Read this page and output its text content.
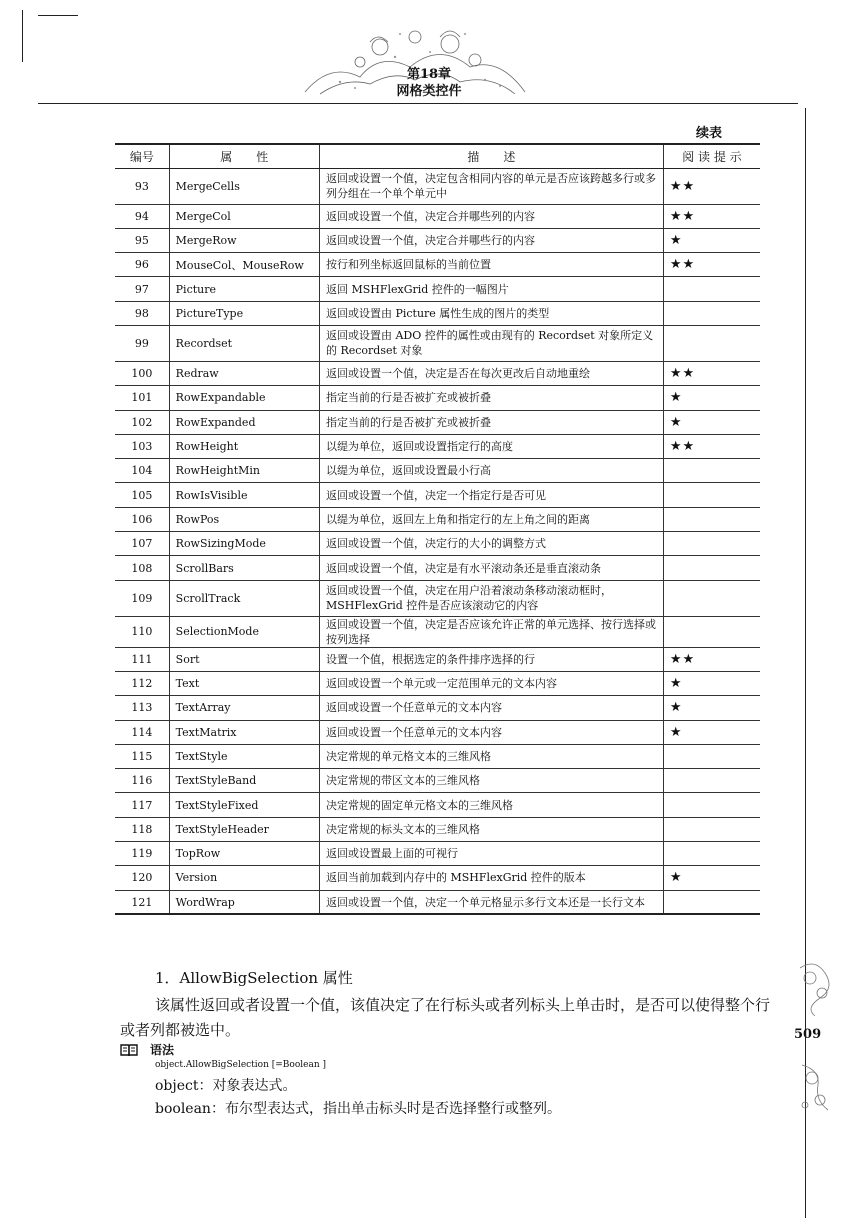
第18章
网格类控件
续表
编号	属　　性	描　　述	阅 读 提 示
93	MergeCells	返回或设置一个值，决定包含相同内容的单元是否应该跨越多行或多列分组在一个单个单元中	★★
94	MergeCol	返回或设置一个值，决定合并哪些列的内容	★★
95	MergeRow	返回或设置一个值，决定合并哪些行的内容	★
96	MouseCol、MouseRow	按行和列坐标返回鼠标的当前位置	★★
97	Picture	返回 MSHFlexGrid 控件的一幅图片	
98	PictureType	返回或设置由 Picture 属性生成的图片的类型	
99	Recordset	返回或设置由 ADO 控件的属性或由现有的 Recordset 对象所定义的 Recordset 对象	
100	Redraw	返回或设置一个值，决定是否在每次更改后自动地重绘	★★
101	RowExpandable	指定当前的行是否被扩充或被折叠	★
102	RowExpanded	指定当前的行是否被扩充或被折叠	★
103	RowHeight	以缇为单位，返回或设置指定行的高度	★★
104	RowHeightMin	以缇为单位，返回或设置最小行高	
105	RowIsVisible	返回或设置一个值，决定一个指定行是否可见	
106	RowPos	以缇为单位，返回左上角和指定行的左上角之间的距离	
107	RowSizingMode	返回或设置一个值，决定行的大小的调整方式	
108	ScrollBars	返回或设置一个值，决定是有水平滚动条还是垂直滚动条	
109	ScrollTrack	返回或设置一个值，决定在用户沿着滚动条移动滚动框时，MSHFlexGrid 控件是否应该滚动它的内容	
110	SelectionMode	返回或设置一个值，决定是否应该允许正常的单元选择、按行选择或按列选择	
111	Sort	设置一个值，根据选定的条件排序选择的行	★★
112	Text	返回或设置一个单元或一定范围单元的文本内容	★
113	TextArray	返回或设置一个任意单元的文本内容	★
114	TextMatrix	返回或设置一个任意单元的文本内容	★
115	TextStyle	决定常规的单元格文本的三维风格	
116	TextStyleBand	决定常规的带区文本的三维风格	
117	TextStyleFixed	决定常规的固定单元格文本的三维风格	
118	TextStyleHeader	决定常规的标头文本的三维风格	
119	TopRow	返回或设置最上面的可视行	
120	Version	返回当前加载到内存中的 MSHFlexGrid 控件的版本	★
121	WordWrap	返回或设置一个值，决定一个单元格显示多行文本还是一长行文本	
1．AllowBigSelection 属性
该属性返回或者设置一个值，该值决定了在行标头或者列标头上单击时，是否可以使得整个行或者列都被选中。
语法
object.AllowBigSelection [=Boolean ]
object：对象表达式。
boolean：布尔型表达式，指出单击标头时是否选择整行或整列。
509
